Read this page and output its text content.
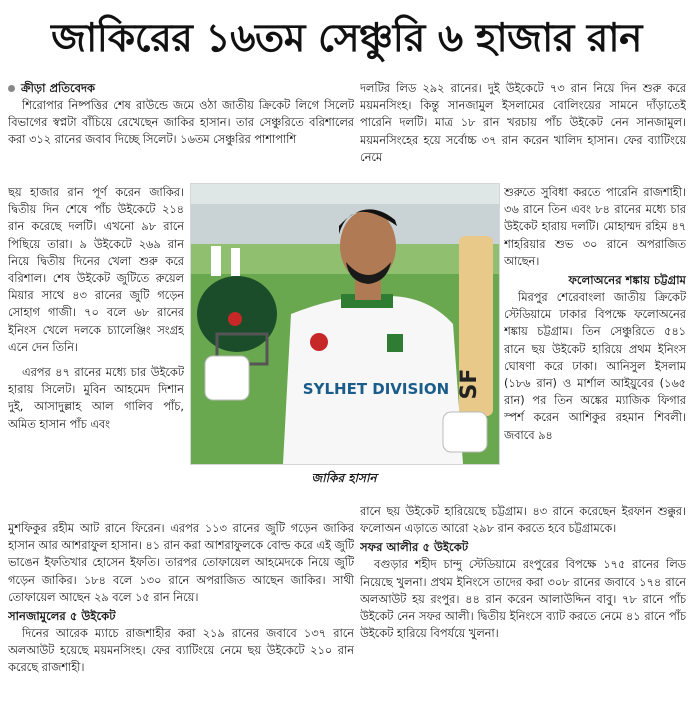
জাকিরের ১৬তম সেঞ্চুরি ৬ হাজার রান
ক্রীড়া প্রতিবেদক

শিরোপার নিষ্পত্তির শেষ রাউন্ডে জমে ওঠা জাতীয় ক্রিকেট লিগে সিলেট বিভাগের স্বপ্নটা বাঁচিয়ে রেখেছেন জাকির হাসান। তার সেঞ্চুরিতে বরিশালের করা ৩১২ রানের জবাব দিচ্ছে সিলেট। ১৬তম সেঞ্চুরির পাশাপাশি

দলটির লিড ২৯২ রানের। দুই উইকেটে ৭৩ রান নিয়ে দিন শুরু করে ময়মনসিংহ। কিন্তু সানজামুল ইসলামের বোলিংয়ের সামনে দাঁড়াতেই পারেনি দলটি। মাত্র ১৮ রান খরচায় পাঁচ উইকেট নেন সানজামুল। ময়মনসিংহের হয়ে সর্বোচ্চ ৩৭ রান করেন খালিদ হাসান। ফের ব্যাটিংয়ে নেমে

ছয় হাজার রান পূর্ণ করেন জাকির। দ্বিতীয় দিন শেষে পাঁচ উইকেটে ২১৪ রান করেছে দলটি। এখনো ৯৮ রানে পিছিয়ে তারা। ৯ উইকেটে ২৬৯ রান নিয়ে দ্বিতীয় দিনের খেলা শুরু করে বরিশাল। শেষ উইকেট জুটিতে রুয়েল মিয়ার সাথে ৪৩ রানের জুটি গড়েন সোহাগ গাজী। ৭০ বলে ৬৮ রানের ইনিংস খেলে দলকে চ্যালেঞ্জিং সংগ্রহ এনে দেন তিনি।

এরপর ৪৭ রানের মধ্যে চার উইকেট হারায় সিলেট। মুবিন আহমেদ দিশান দুই, আসাদুল্লাহ আল গালিব পাঁচ, অমিত হাসান পাঁচ এবং

শুরুতে সুবিধা করতে পারেনি রাজশাহী। ৩৬ রানে তিন এবং ৮৪ রানের মধ্যে চার উইকেট হারায় দলটি। মোহাম্মদ রহিম ৪৭ শাহরিয়ার শুভ ৩০ রানে অপরাজিত আছেন।

ফলোঅনের শঙ্কায় চট্টগ্রাম

মিরপুর শেরেবাংলা জাতীয় ক্রিকেট স্টেডিয়ামে ঢাকার বিপক্ষে ফলোঅনের শঙ্কায় চট্টগ্রাম। তিন সেঞ্চুরিতে ৫৪১ রানে ছয় উইকেট হারিয়ে প্রথম ইনিংস ঘোষণা করে ঢাকা। আনিসুল ইসলাম (১৮৬ রান) ও মার্শাল আইয়ুবের (১৬৫ রান) পর তিন অঙ্কের ম্যাজিক ফিগার স্পর্শ করেন আশিকুর রহমান শিবলী। জবাবে ৯৪

SF
SYLHET DIVISION
জাকির হাসান

মুশফিকুর রহীম আট রানে ফিরেন। এরপর ১১৩ রানের জুটি গড়েন জাকির হাসান আর আশরাফুল হাসান। ৪১ রান করা আশরাফুলকে বোল্ড করে এই জুটি ভাঙেন ইফতিখার হোসেন ইফতি। তারপর তোফায়েল আহমেদকে নিয়ে জুটি গড়েন জাকির। ১৮৪ বলে ১৩০ রানে অপরাজিত আছেন জাকির। সাথী তোফায়েল আছেন ২৯ বলে ১৫ রান নিয়ে।

সানজামুলের ৫ উইকেট

দিনের আরেক ম্যাচে রাজশাহীর করা ২১৯ রানের জবাবে ১৩৭ রানে অলআউট হয়েছে ময়মনসিংহ। ফের ব্যাটিংয়ে নেমে ছয় উইকেটে ২১০ রান করেছে রাজশাহী।

রানে ছয় উইকেট হারিয়েছে চট্টগ্রাম। ৪৩ রানে করেছেন ইরফান শুক্কুর। ফলোঅন এড়াতে আরো ২৯৮ রান করতে হবে চট্টগ্রামকে।

সফর আলীর ৫ উইকেট

বগুড়ার শহীদ চান্দু স্টেডিয়ামে রংপুরের বিপক্ষে ১৭৫ রানের লিড নিয়েছে খুলনা। প্রথম ইনিংসে তাদের করা ৩০৮ রানের জবাবে ১৭৪ রানে অলআউট হয় রংপুর। ৪৪ রান করেন আলাউদ্দিন বাবু। ৭৮ রানে পাঁচ উইকেট নেন সফর আলী। দ্বিতীয় ইনিংসে ব্যাট করতে নেমে ৪১ রানে পাঁচ উইকেট হারিয়ে বিপর্যয়ে খুলনা।
